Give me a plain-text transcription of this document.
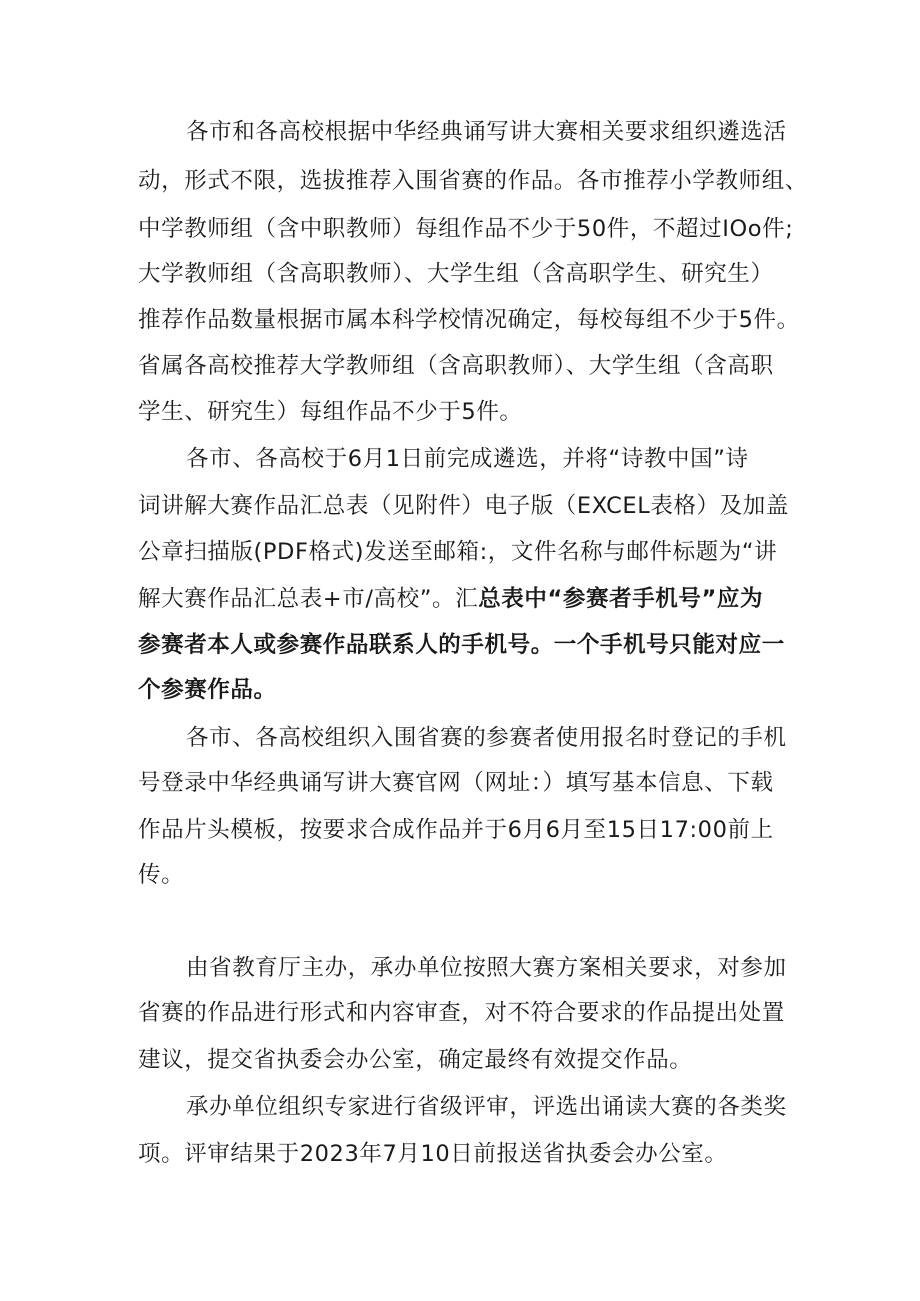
各市和各高校根据中华经典诵写讲大赛相关要求组织遴选活
动，形式不限，选拔推荐入围省赛的作品。各市推荐小学教师组、
中学教师组（含中职教师）每组作品不少于50件，不超过IOo件;
大学教师组（含高职教师）、大学生组（含高职学生、研究生）
推荐作品数量根据市属本科学校情况确定，每校每组不少于5件。
省属各高校推荐大学教师组（含高职教师）、大学生组（含高职
学生、研究生）每组作品不少于5件。
各市、各高校于6月1日前完成遴选，并将“诗教中国”诗
词讲解大赛作品汇总表（见附件）电子版（EXCEL表格）及加盖
公章扫描版(PDF格式)发送至邮箱:，文件名称与邮件标题为“讲
解大赛作品汇总表+市/高校”。汇总表中“参赛者手机号”应为
参赛者本人或参赛作品联系人的手机号。一个手机号只能对应一
个参赛作品。
各市、各高校组织入围省赛的参赛者使用报名时登记的手机
号登录中华经典诵写讲大赛官网（网址：）填写基本信息、下载
作品片头模板，按要求合成作品并于6月6月至15日17:00前上
传。
由省教育厅主办，承办单位按照大赛方案相关要求，对参加
省赛的作品进行形式和内容审查，对不符合要求的作品提出处置
建议，提交省执委会办公室，确定最终有效提交作品。
承办单位组织专家进行省级评审，评选出诵读大赛的各类奖
项。评审结果于2023年7月10日前报送省执委会办公室。
